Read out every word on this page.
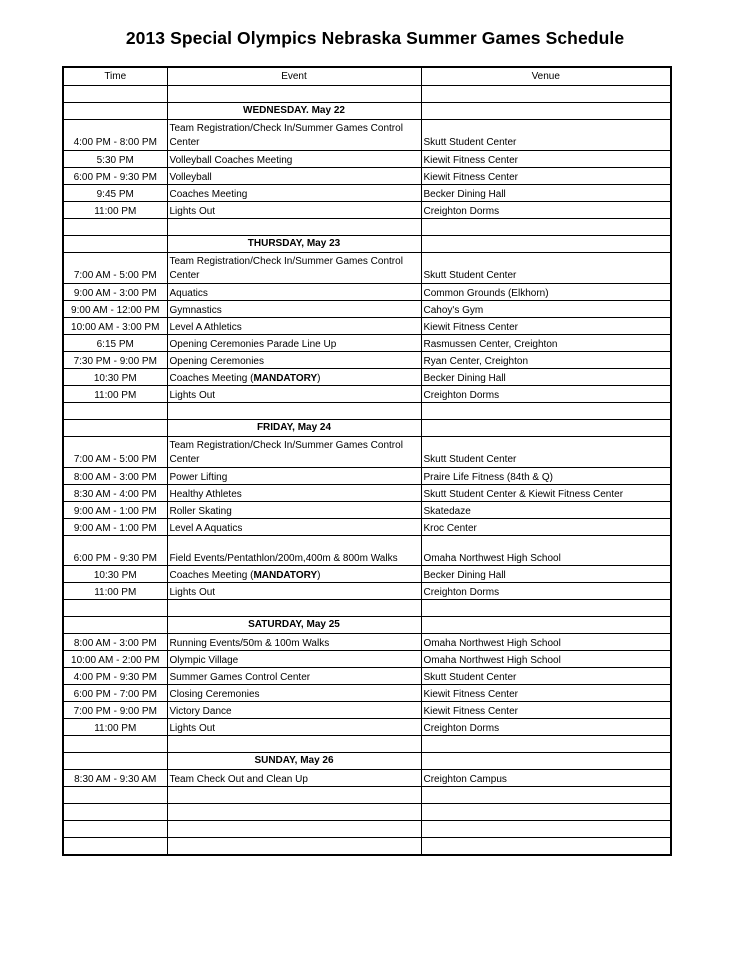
2013 Special Olympics Nebraska Summer Games Schedule
Time	Event	Venue

	WEDNESDAY. May 22	
4:00 PM - 8:00 PM	Team Registration/Check In/Summer Games Control Center	Skutt Student Center
5:30 PM	Volleyball Coaches Meeting	Kiewit Fitness Center
6:00 PM - 9:30 PM	Volleyball	Kiewit Fitness Center
9:45 PM	Coaches Meeting	Becker Dining Hall
11:00 PM	Lights Out	Creighton Dorms

	THURSDAY, May 23	
7:00 AM - 5:00 PM	Team Registration/Check In/Summer Games Control Center	Skutt Student Center
9:00 AM - 3:00 PM	Aquatics	Common Grounds (Elkhorn)
9:00 AM - 12:00 PM	Gymnastics	Cahoy's Gym
10:00 AM - 3:00 PM	Level A Athletics	Kiewit Fitness Center
6:15 PM	Opening Ceremonies Parade Line Up	Rasmussen Center, Creighton
7:30 PM - 9:00 PM	Opening Ceremonies	Ryan Center, Creighton
10:30 PM	Coaches Meeting (MANDATORY)	Becker Dining Hall
11:00 PM	Lights Out	Creighton Dorms

	FRIDAY, May 24	
7:00 AM - 5:00 PM	Team Registration/Check In/Summer Games Control Center	Skutt Student Center
8:00 AM - 3:00 PM	Power Lifting	Praire Life Fitness (84th & Q)
8:30 AM - 4:00 PM	Healthy Athletes	Skutt Student Center & Kiewit Fitness Center
9:00 AM - 1:00 PM	Roller Skating	Skatedaze
9:00 AM - 1:00 PM	Level A Aquatics	Kroc Center
6:00 PM - 9:30 PM	Field Events/Pentathlon/200m,400m & 800m Walks	Omaha Northwest High School
10:30 PM	Coaches Meeting (MANDATORY)	Becker Dining Hall
11:00 PM	Lights Out	Creighton Dorms

	SATURDAY, May 25	
8:00 AM - 3:00 PM	Running Events/50m & 100m Walks	Omaha Northwest High School
10:00 AM - 2:00 PM	Olympic Village	Omaha Northwest High School
4:00 PM - 9:30 PM	Summer Games Control Center	Skutt Student Center
6:00 PM - 7:00 PM	Closing Ceremonies	Kiewit Fitness Center
7:00 PM - 9:00 PM	Victory Dance	Kiewit Fitness Center
11:00 PM	Lights Out	Creighton Dorms

	SUNDAY, May 26	
8:30 AM - 9:30 AM	Team Check Out and Clean Up	Creighton Campus
